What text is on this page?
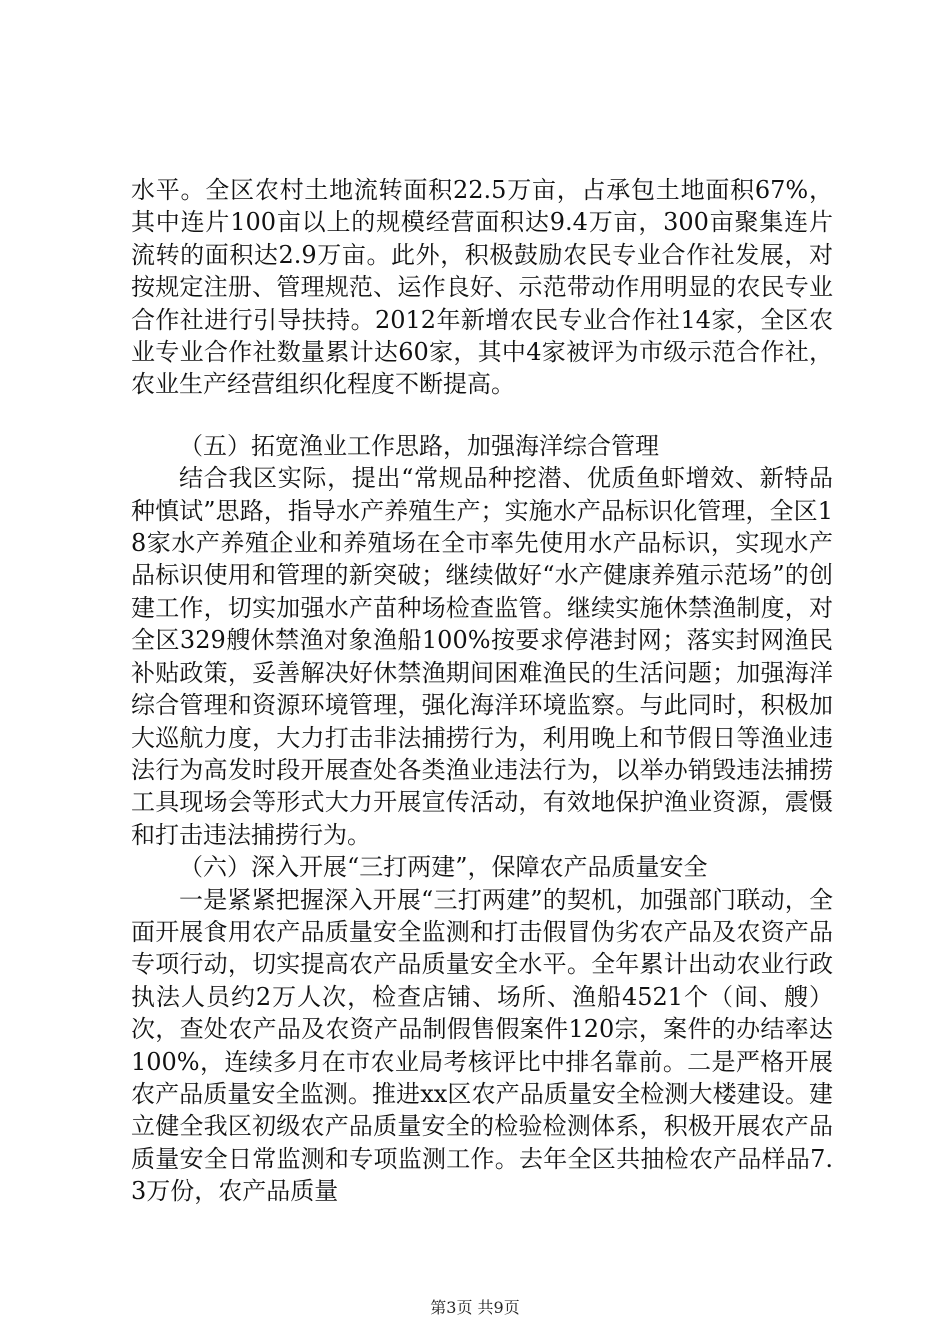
水平。全区农村土地流转面积22.5万亩，占承包土地面积67%，其中连片100亩以上的规模经营面积达9.4万亩，300亩聚集连片流转的面积达2.9万亩。此外，积极鼓励农民专业合作社发展，对按规定注册、管理规范、运作良好、示范带动作用明显的农民专业合作社进行引导扶持。2012年新增农民专业合作社14家，全区农业专业合作社数量累计达60家，其中4家被评为市级示范合作社，农业生产经营组织化程度不断提高。

（五）拓宽渔业工作思路，加强海洋综合管理

结合我区实际，提出“常规品种挖潜、优质鱼虾增效、新特品种慎试”思路，指导水产养殖生产；实施水产品标识化管理，全区18家水产养殖企业和养殖场在全市率先使用水产品标识，实现水产品标识使用和管理的新突破；继续做好“水产健康养殖示范场”的创建工作，切实加强水产苗种场检查监管。继续实施休禁渔制度，对全区329艘休禁渔对象渔船100%按要求停港封网；落实封网渔民补贴政策，妥善解决好休禁渔期间困难渔民的生活问题；加强海洋综合管理和资源环境管理，强化海洋环境监察。与此同时，积极加大巡航力度，大力打击非法捕捞行为，利用晚上和节假日等渔业违法行为高发时段开展查处各类渔业违法行为，以举办销毁违法捕捞工具现场会等形式大力开展宣传活动，有效地保护渔业资源，震慑和打击违法捕捞行为。

（六）深入开展“三打两建”，保障农产品质量安全

一是紧紧把握深入开展“三打两建”的契机，加强部门联动，全面开展食用农产品质量安全监测和打击假冒伪劣农产品及农资产品专项行动，切实提高农产品质量安全水平。全年累计出动农业行政执法人员约2万人次，检查店铺、场所、渔船4521个（间、艘）次，查处农产品及农资产品制假售假案件120宗，案件的办结率达100%，连续多月在市农业局考核评比中排名靠前。二是严格开展农产品质量安全监测。推进xx区农产品质量安全检测大楼建设。建立健全我区初级农产品质量安全的检验检测体系，积极开展农产品质量安全日常监测和专项监测工作。去年全区共抽检农产品样品7.3万份，农产品质量

第3页 共9页
